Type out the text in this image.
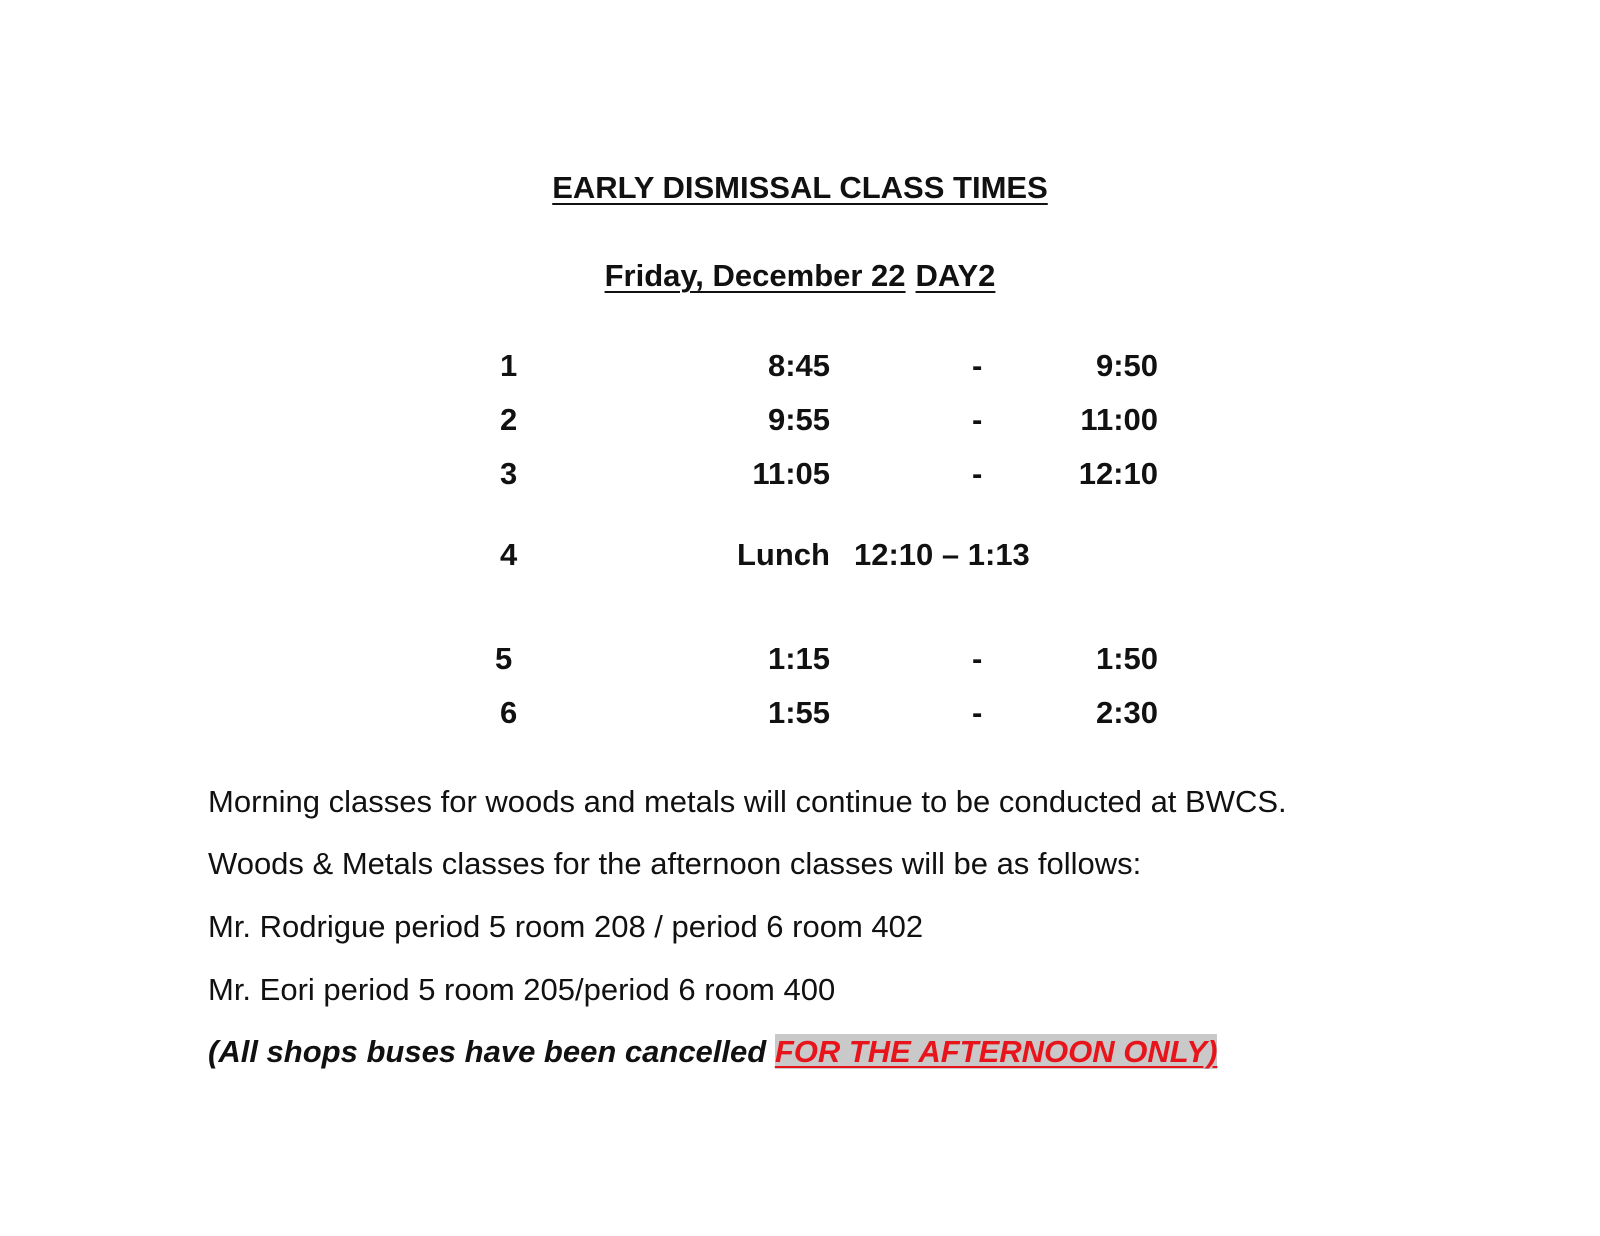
EARLY DISMISSAL CLASS TIMES
Friday, December 22 DAY2
1	8:45	-	9:50
2	9:55	-	11:00
3	11:05	-	12:10
4	Lunch 12:10 – 1:13
5	1:15	-	1:50
6	1:55	-	2:30
Morning classes for woods and metals will continue to be conducted at BWCS.
Woods & Metals classes for the afternoon classes will be as follows:
Mr. Rodrigue period 5 room 208 / period 6 room 402
Mr. Eori period 5 room 205/period 6 room 400
(All shops buses have been cancelled FOR THE AFTERNOON ONLY)
